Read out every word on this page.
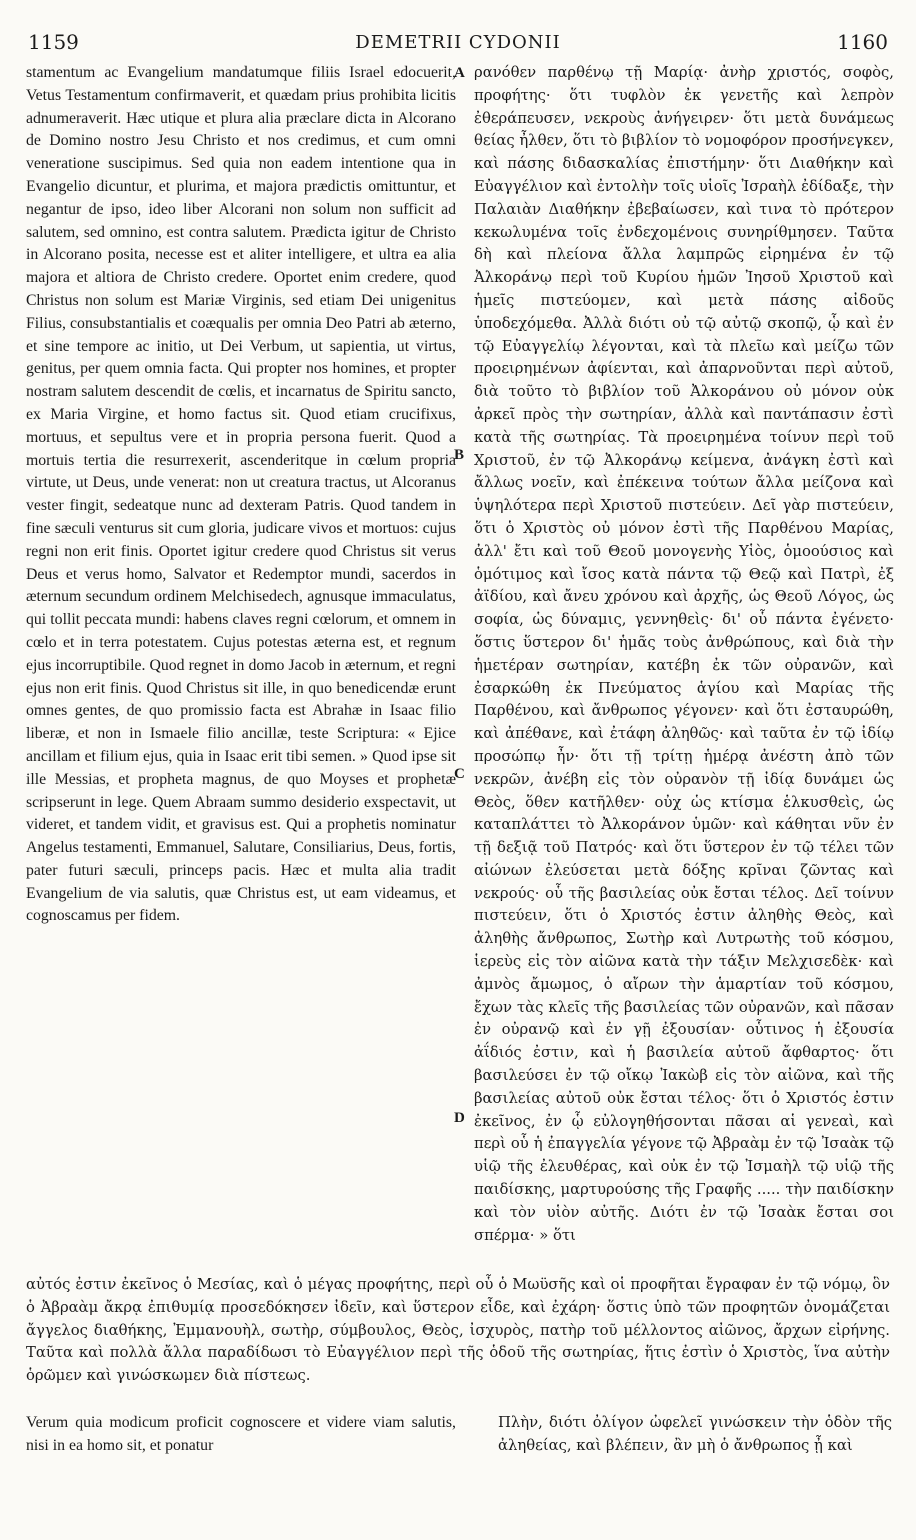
1159	DEMETRII CYDONII	1160
stamentum ac Evangelium mandatumque filiis Israel edocuerit, Vetus Testamentum confirmaverit, et quædam prius prohibita licitis adnumeraverit. Hæc utique et plura alia præclare dicta in Alcorano de Domino nostro Jesu Christo et nos credimus, et cum omni veneratione suscipimus. Sed quia non eadem intentione qua in Evangelio dicuntur, et plurima, et majora prædictis omittuntur, et negantur de ipso, ideo liber Alcorani non solum non sufficit ad salutem, sed omnino, est contra salutem. Prædicta igitur de Christo in Alcorano posita, necesse est et aliter intelligere, et ultra ea alia majora et altiora de Christo credere. Oportet enim credere, quod Christus non solum est Mariæ Virginis, sed etiam Dei unigenitus Filius, consubstantialis et coæqualis per omnia Deo Patri ab æterno, et sine tempore ac initio, ut Dei Verbum, ut sapientia, ut virtus, genitus, per quem omnia facta. Qui propter nos homines, et propter nostram salutem descendit de cœlis, et incarnatus de Spiritu sancto, ex Maria Virgine, et homo factus sit. Quod etiam crucifixus, mortuus, et sepultus vere et in propria persona fuerit. Quod a mortuis tertia die resurrexerit, ascenderitque in cœlum propria virtute, ut Deus, unde venerat: non ut creatura tractus, ut Alcoranus vester fingit, sedeatque nunc ad dexteram Patris. Quod tandem in fine sæculi venturus sit cum gloria, judicare vivos et mortuos: cujus regni non erit finis. Oportet igitur credere quod Christus sit verus Deus et verus homo, Salvator et Redemptor mundi, sacerdos in æternum secundum ordinem Melchisedech, agnusque immaculatus, qui tollit peccata mundi: habens claves regni cœlorum, et omnem in cœlo et in terra potestatem. Cujus potestas æterna est, et regnum ejus incorruptibile. Quod regnet in domo Jacob in æternum, et regni ejus non erit finis. Quod Christus sit ille, in quo benedicendæ erunt omnes gentes, de quo promissio facta est Abrahæ in Isaac filio liberæ, et non in Ismaele filio ancillæ, teste Scriptura: « Ejice ancillam et filium ejus, quia in Isaac erit tibi semen. » Quod ipse sit ille Messias, et propheta magnus, de quo Moyses et prophetæ scripserunt in lege. Quem Abraam summo desiderio exspectavit, ut videret, et tandem vidit, et gravisus est. Qui a prophetis nominatur Angelus testamenti, Emmanuel, Salutare, Consiliarius, Deus, fortis, pater futuri sæculi, princeps pacis. Hæc et multa alia tradit Evangelium de via salutis, quæ Christus est, ut eam videamus, et cognoscamus per fidem.
A
B
C
D
ρανόθεν παρθένῳ τῇ Μαρίᾳ· ἀνὴρ χριστός, σοφὸς, προφήτης· ὅτι τυφλὸν ἐκ γενετῆς καὶ λεπρὸν ἐθεράπευσεν, νεκροὺς ἀνήγειρεν· ὅτι μετὰ δυνάμεως θείας ἦλθεν, ὅτι τὸ βιβλίον τὸ νομοφόρον προσήνεγκεν, καὶ πάσης διδασκαλίας ἐπιστήμην· ὅτι Διαθήκην καὶ Εὐαγγέλιον καὶ ἐντολὴν τοῖς υἱοῖς Ἰσραὴλ ἐδίδαξε, τὴν Παλαιὰν Διαθήκην ἐβεβαίωσεν, καὶ τινα τὸ πρότερον κεκωλυμένα τοῖς ἐνδεχομένοις συνηρίθμησεν. Ταῦτα δὴ καὶ πλείονα ἄλλα λαμπρῶς εἰρημένα ἐν τῷ Ἀλκοράνῳ περὶ τοῦ Κυρίου ἡμῶν Ἰησοῦ Χριστοῦ καὶ ἡμεῖς πιστεύομεν, καὶ μετὰ πάσης αἰδοῦς ὑποδεχόμεθα. Ἀλλὰ διότι οὐ τῷ αὐτῷ σκοπῷ, ᾧ καὶ ἐν τῷ Εὐαγγελίῳ λέγονται, καὶ τὰ πλεῖω καὶ μείζω τῶν προειρημένων ἀφίενται, καὶ ἀπαρνοῦνται περὶ αὐτοῦ, διὰ τοῦτο τὸ βιβλίον τοῦ Ἀλκοράνου οὐ μόνον οὐκ ἀρκεῖ πρὸς τὴν σωτηρίαν, ἀλλὰ καὶ παντάπασιν ἐστὶ κατὰ τῆς σωτηρίας. Τὰ προειρημένα τοίνυν περὶ τοῦ Χριστοῦ, ἐν τῷ Ἀλκοράνῳ κείμενα, ἀνάγκη ἐστὶ καὶ ἄλλως νοεῖν, καὶ ἐπέκεινα τούτων ἄλλα μείζονα καὶ ὑψηλότερα περὶ Χριστοῦ πιστεύειν. Δεῖ γὰρ πιστεύειν, ὅτι ὁ Χριστὸς οὐ μόνον ἐστὶ τῆς Παρθένου Μαρίας, ἀλλ' ἔτι καὶ τοῦ Θεοῦ μονογενὴς Υἱὸς, ὁμοούσιος καὶ ὁμότιμος καὶ ἴσος κατὰ πάντα τῷ Θεῷ καὶ Πατρὶ, ἐξ ἀϊδίου, καὶ ἄνευ χρόνου καὶ ἀρχῆς, ὡς Θεοῦ Λόγος, ὡς σοφία, ὡς δύναμις, γεννηθεὶς· δι' οὗ πάντα ἐγένετο· ὅστις ὕστερον δι' ἡμᾶς τοὺς ἀνθρώπους, καὶ διὰ τὴν ἡμετέραν σωτηρίαν, κατέβη ἐκ τῶν οὐρανῶν, καὶ ἐσαρκώθη ἐκ Πνεύματος ἁγίου καὶ Μαρίας τῆς Παρθένου, καὶ ἄνθρωπος γέγονεν· καὶ ὅτι ἐσταυρώθη, καὶ ἀπέθανε, καὶ ἐτάφη ἀληθῶς· καὶ ταῦτα ἐν τῷ ἰδίῳ προσώπῳ ἦν· ὅτι τῇ τρίτῃ ἡμέρᾳ ἀνέστη ἀπὸ τῶν νεκρῶν, ἀνέβη εἰς τὸν οὐρανὸν τῇ ἰδίᾳ δυνάμει ὡς Θεὸς, ὅθεν κατῆλθεν· οὐχ ὡς κτίσμα ἑλκυσθεὶς, ὡς καταπλάττει τὸ Ἀλκοράνον ὑμῶν· καὶ κάθηται νῦν ἐν τῇ δεξιᾷ τοῦ Πατρός· καὶ ὅτι ὕστερον ἐν τῷ τέλει τῶν αἰώνων ἐλεύσεται μετὰ δόξης κρῖναι ζῶντας καὶ νεκρούς· οὗ τῆς βασιλείας οὐκ ἔσται τέλος. Δεῖ τοίνυν πιστεύειν, ὅτι ὁ Χριστός ἐστιν ἀληθὴς Θεὸς, καὶ ἀληθὴς ἄνθρωπος, Σωτὴρ καὶ Λυτρωτὴς τοῦ κόσμου, ἱερεὺς εἰς τὸν αἰῶνα κατὰ τὴν τάξιν Μελχισεδὲκ· καὶ ἀμνὸς ἄμωμος, ὁ αἴρων τὴν ἁμαρτίαν τοῦ κόσμου, ἔχων τὰς κλεῖς τῆς βασιλείας τῶν οὐρανῶν, καὶ πᾶσαν ἐν οὐρανῷ καὶ ἐν γῇ ἐξουσίαν· οὗτινος ἡ ἐξουσία ἀΐδιός ἐστιν, καὶ ἡ βασιλεία αὐτοῦ ἄφθαρτος· ὅτι βασιλεύσει ἐν τῷ οἴκῳ Ἰακὼβ εἰς τὸν αἰῶνα, καὶ τῆς βασιλείας αὐτοῦ οὐκ ἔσται τέλος· ὅτι ὁ Χριστός ἐστιν ἐκεῖνος, ἐν ᾧ εὐλογηθήσονται πᾶσαι αἱ γενεαὶ, καὶ περὶ οὗ ἡ ἐπαγγελία γέγονε τῷ Ἀβραὰμ ἐν τῷ Ἰσαὰκ τῷ υἱῷ τῆς ἐλευθέρας, καὶ οὐκ ἐν τῷ Ἰσμαὴλ τῷ υἱῷ τῆς παιδίσκης, μαρτυρούσης τῆς Γραφῆς ..... τὴν παιδίσκην καὶ τὸν υἱὸν αὐτῆς. Διότι ἐν τῷ Ἰσαὰκ ἔσται σοι σπέρμα· » ὅτι
αὐτός ἐστιν ἐκεῖνος ὁ Μεσίας, καὶ ὁ μέγας προφήτης, περὶ οὗ ὁ Μωϋσῆς καὶ οἱ προφῆται ἔγραφαν ἐν τῷ νόμῳ, ὃν ὁ Ἀβραὰμ ἄκρᾳ ἐπιθυμίᾳ προσεδόκησεν ἰδεῖν, καὶ ὕστερον εἶδε, καὶ ἐχάρη· ὅστις ὑπὸ τῶν προφητῶν ὀνομάζεται ἄγγελος διαθήκης, Ἐμμανουὴλ, σωτὴρ, σύμβουλος, Θεὸς, ἰσχυρὸς, πατὴρ τοῦ μέλλοντος αἰῶνος, ἄρχων εἰρήνης. Ταῦτα καὶ πολλὰ ἄλλα παραδίδωσι τὸ Εὐαγγέλιον περὶ τῆς ὁδοῦ τῆς σωτηρίας, ἥτις ἐστὶν ὁ Χριστὸς, ἵνα αὐτὴν ὁρῶμεν καὶ γινώσκωμεν διὰ πίστεως.
Verum quia modicum proficit cognoscere et videre viam salutis, nisi in ea homo sit, et ponatur
Πλὴν, διότι ὀλίγον ὠφελεῖ γινώσκειν τὴν ὁδὸν τῆς ἀληθείας, καὶ βλέπειν, ἂν μὴ ὁ ἄνθρωπος ᾖ καὶ
